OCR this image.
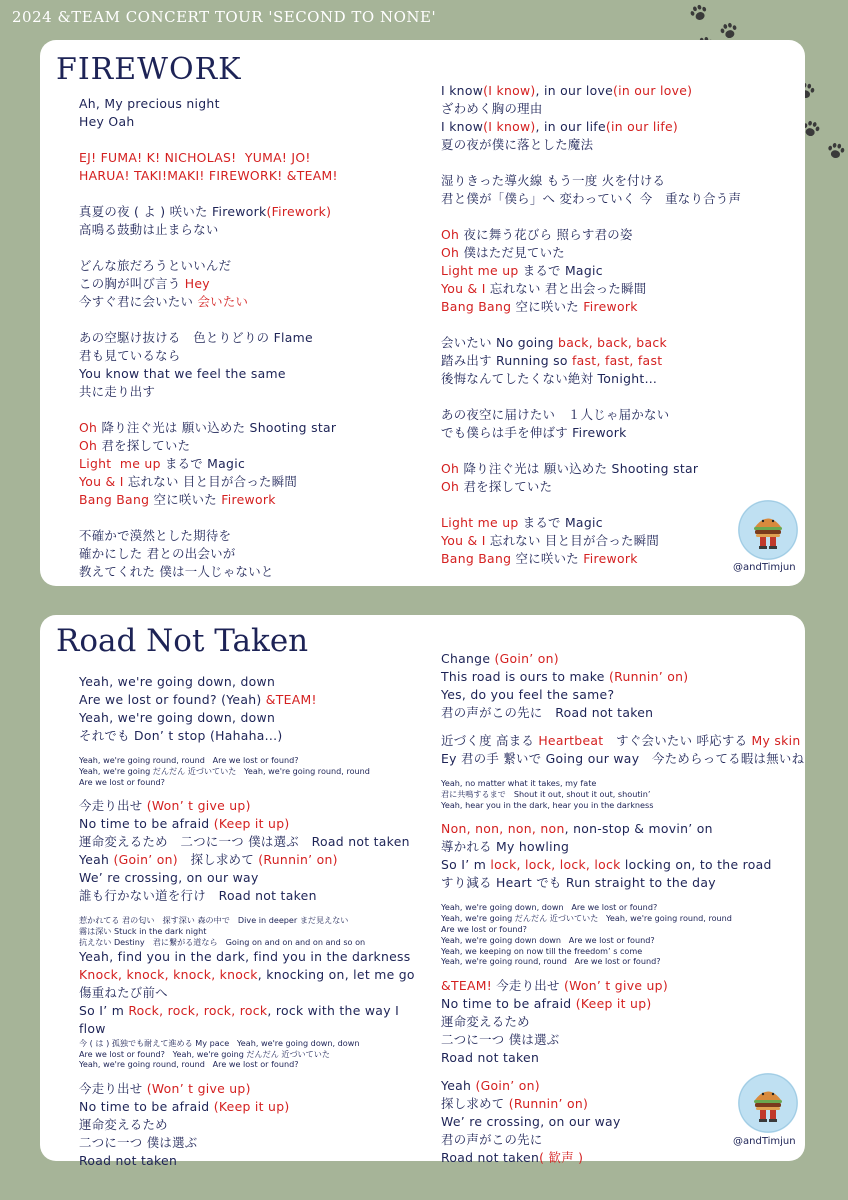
2024 &TEAM CONCERT TOUR 'SECOND TO NONE'
FIREWORK
Ah, My precious night
Hey Oah
EJ! FUMA! K! NICHOLAS!  YUMA! JO!
HARUA! TAKI!MAKI! FIREWORK! &TEAM!
真夏の夜 ( よ ) 咲いた Firework(Firework)
高鳴る鼓動は止まらない
どんな旅だろうといいんだ
この胸が叫び言う Hey
今すぐ君に会いたい 会いたい
あの空駆け抜ける　色とりどりの Flame
君も見ているなら
You know that we feel the same
共に走り出す
Oh 降り注ぐ光は 願い込めた Shooting star
Oh 君を探していた
Light  me up まるで Magic
You & I 忘れない 目と目が合った瞬間
Bang Bang 空に咲いた Firework
不確かで漠然とした期待を
確かにした 君との出会いが
教えてくれた 僕は一人じゃないと
I know(I know), in our love(in our love)
ざわめく胸の理由
I know(I know), in our life(in our life)
夏の夜が僕に落とした魔法
湿りきった導火線 もう一度 火を付ける
君と僕が「僕ら」へ 変わっていく 今　重なり合う声
Oh 夜に舞う花びら 照らす君の姿
Oh 僕はただ見ていた
Light me up まるで Magic
You & I 忘れない 君と出会った瞬間
Bang Bang 空に咲いた Firework
会いたい No going back, back, back
踏み出す Running so fast, fast, fast
後悔なんてしたくない絶対 Tonight…
あの夜空に届けたい　１人じゃ届かない
でも僕らは手を伸ばす Firework
Oh 降り注ぐ光は 願い込めた Shooting star
Oh 君を探していた
Light me up まるで Magic
You & I 忘れない 目と目が合った瞬間
Bang Bang 空に咲いた Firework
@andTimjun
Road Not Taken
Yeah, we're going down, down
Are we lost or found? (Yeah) &TEAM!
Yeah, we're going down, down
それでも Don’ t stop (Hahaha...)
Yeah, we're going round, round   Are we lost or found?
Yeah, we're going だんだん 近づいていた   Yeah, we're going round, round
Are we lost or found?
今走り出せ (Won’ t give up)
No time to be afraid (Keep it up)
運命変えるため　二つに一つ 僕は選ぶ　Road not taken
Yeah (Goin’ on)　探し求めて (Runnin’ on)
We’ re crossing, on our way
誰も行かない道を行け　Road not taken
惹かれてる 君の匂い　探す深い 森の中で　Dive in deeper まだ見えない
霧は深い Stuck in the dark night
抗えない Destiny　君に繋がる道なら　Going on and on and on and so on
Yeah, find you in the dark, find you in the darkness
Knock, knock, knock, knock, knocking on, let me go
傷重ねたび前へ
So I’ m Rock, rock, rock, rock, rock with the way I
flow
今 ( は ) 孤独でも耐えて進める My pace   Yeah, we're going down, down
Are we lost or found?   Yeah, we're going だんだん 近づいていた
Yeah, we're going round, round   Are we lost or found?
今走り出せ (Won’ t give up)
No time to be afraid (Keep it up)
運命変えるため
二つに一つ 僕は選ぶ
Road not taken
Change (Goin’ on)
This road is ours to make (Runnin’ on)
Yes, do you feel the same?
君の声がこの先に　Road not taken
近づく度 高まる Heartbeat　すぐ会いたい 呼応する My skin
Ey 君の手 繋いで Going our way　今ためらってる暇は無いね
Yeah, no matter what it takes, my fate
君に共鳴するまで　Shout it out, shout it out, shoutin’
Yeah, hear you in the dark, hear you in the darkness
Non, non, non, non, non-stop & movin’ on
導かれる My howling
So I’ m lock, lock, lock, lock locking on, to the road
すり減る Heart でも Run straight to the day
Yeah, we're going down, down   Are we lost or found?
Yeah, we're going だんだん 近づいていた   Yeah, we're going round, round
Are we lost or found?
Yeah, we're going down down   Are we lost or found?
Yeah, we keeping on now till the freedom’ s come
Yeah, we're going round, round   Are we lost or found?
&TEAM! 今走り出せ (Won’ t give up)
No time to be afraid (Keep it up)
運命変えるため
二つに一つ 僕は選ぶ
Road not taken
Yeah (Goin’ on)
探し求めて (Runnin’ on)
We’ re crossing, on our way
君の声がこの先に
Road not taken( 歓声 )
@andTimjun
